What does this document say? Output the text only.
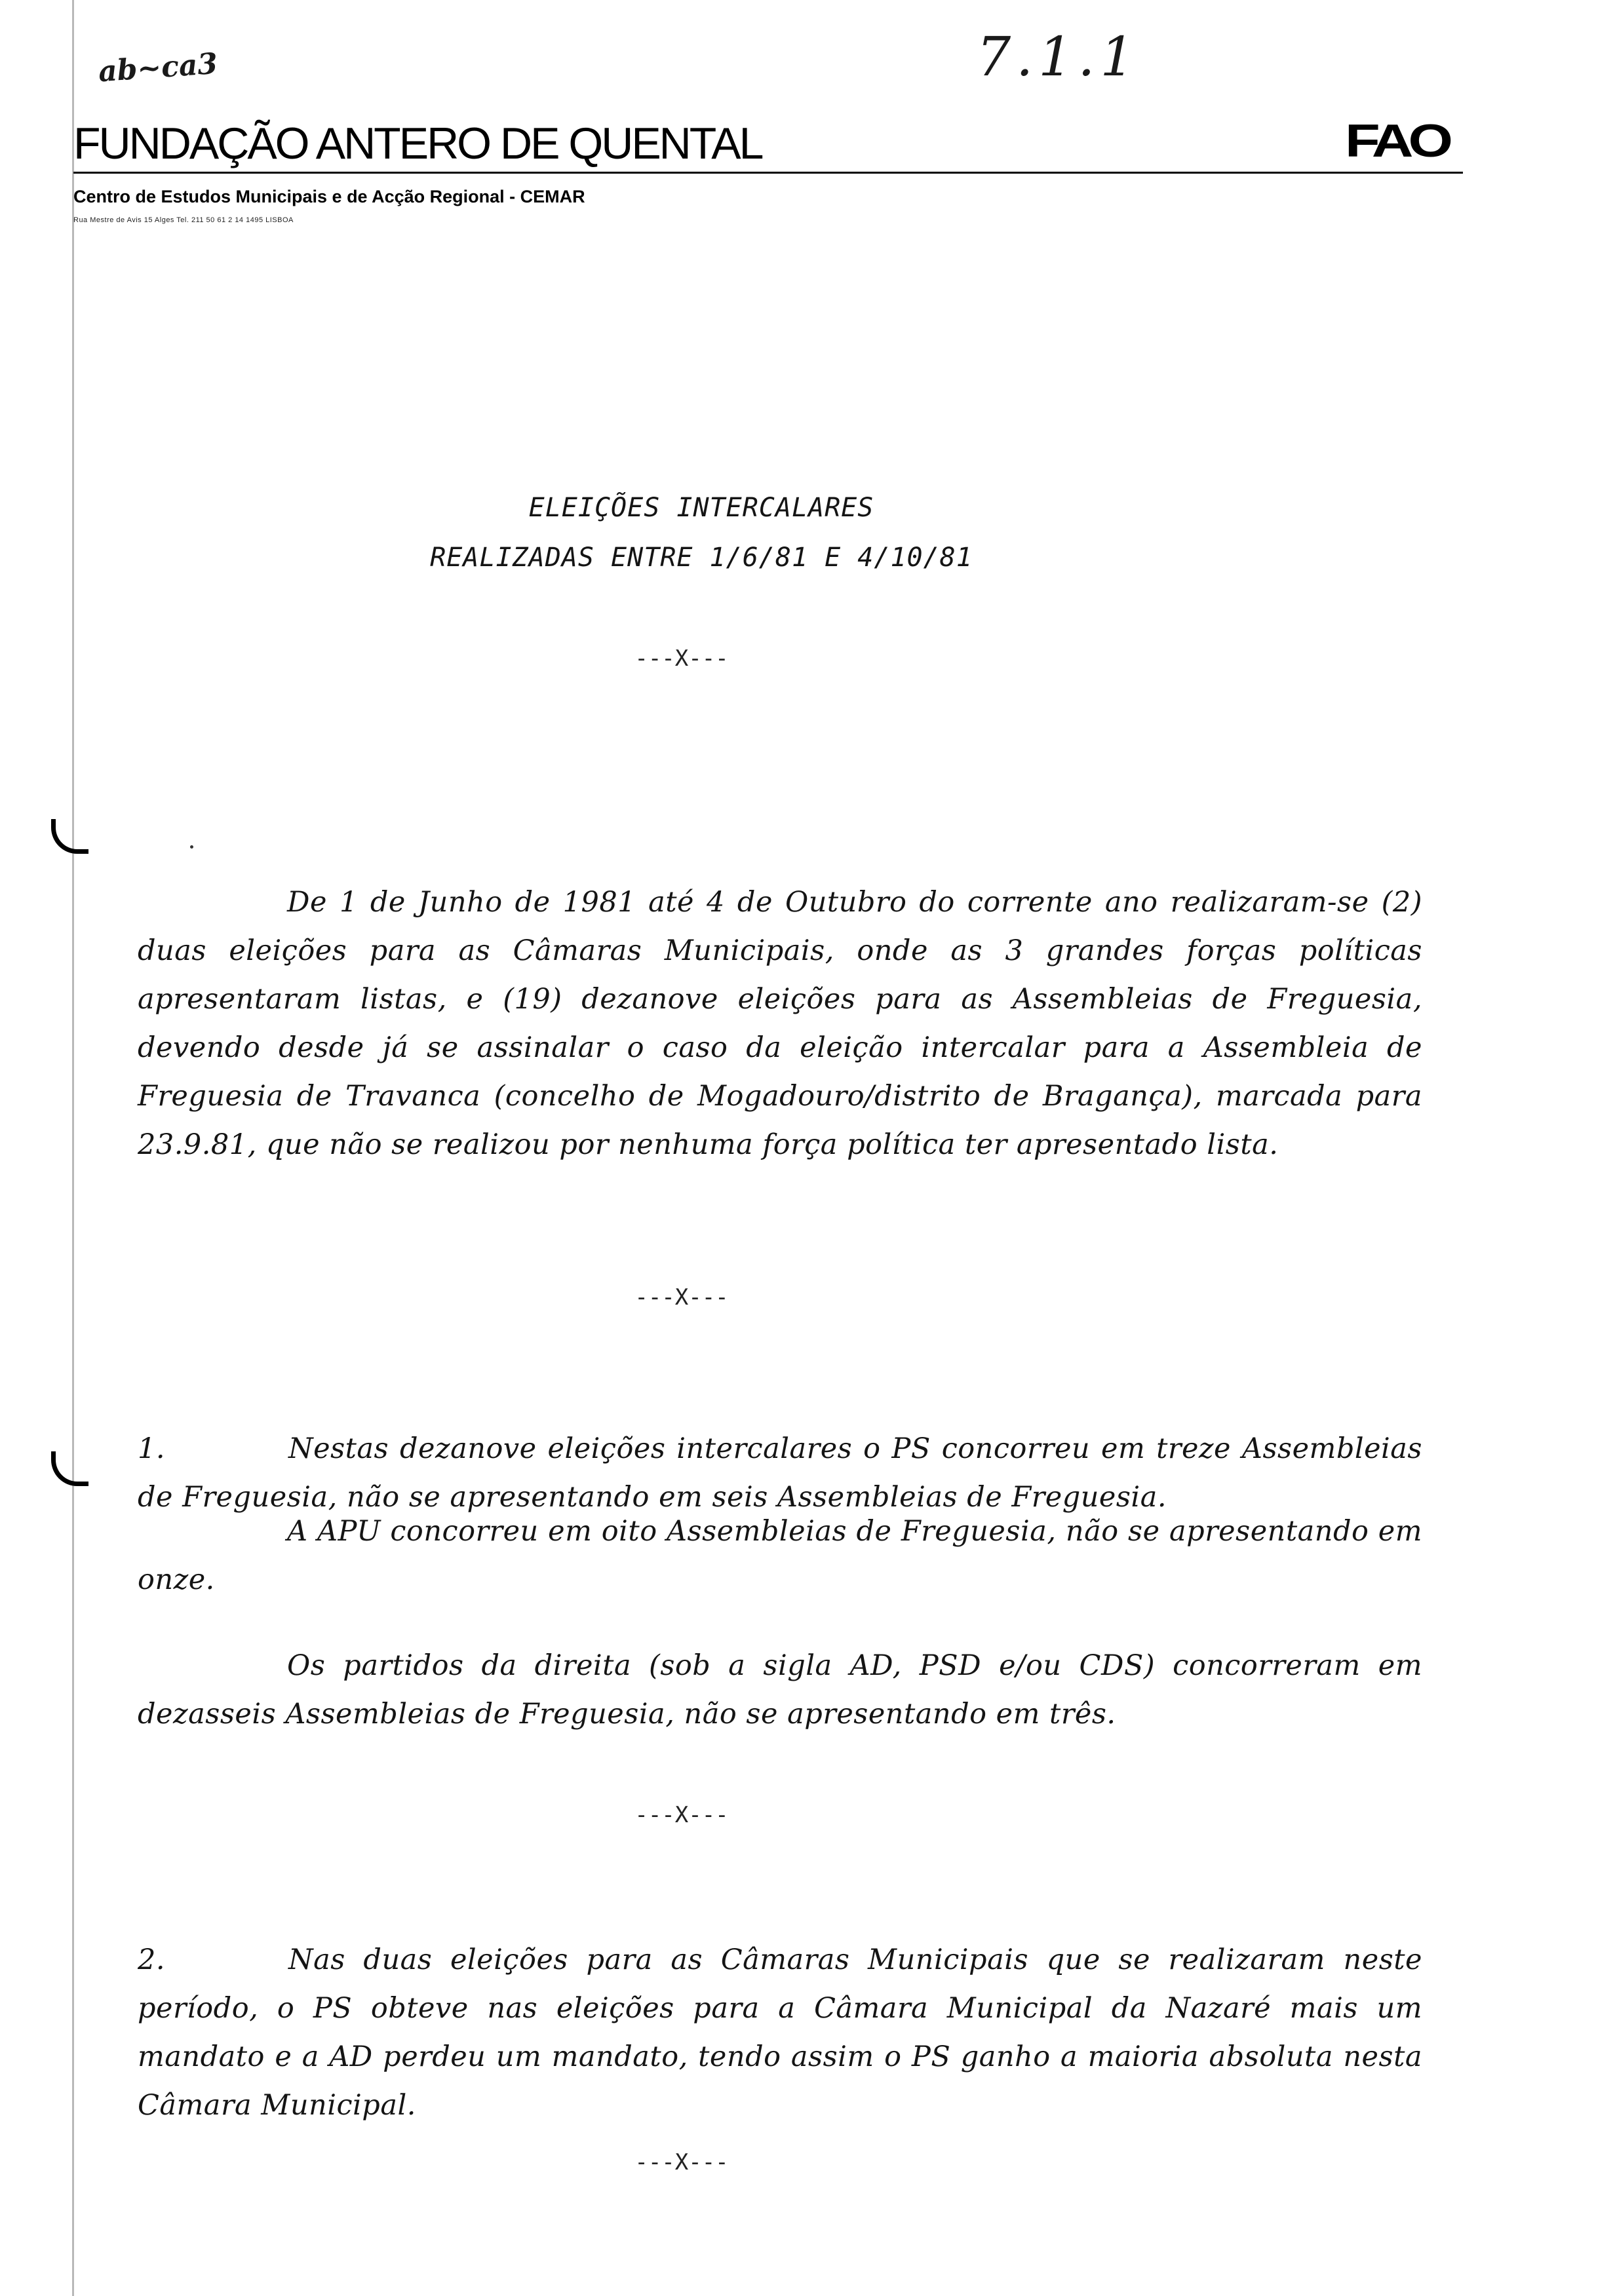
ab~ca3	7.1.1
FUNDAÇÃO ANTERO DE QUENTAL	FAO
Centro de Estudos Municipais e de Acção Regional - CEMAR
Rua Mestre de Avis 15 Alges Tel. 211 50 61 2 14 1495 LISBOA
ELEIÇÕES INTERCALARES
REALIZADAS ENTRE 1/6/81 E 4/10/81
---X---
De 1 de Junho de 1981 até 4 de Outubro do corrente ano realizaram-se (2) duas eleições para as Câmaras Municipais, onde as 3 grandes forças políticas apresentaram listas, e (19) dezanove eleições para as Assembleias de Freguesia, devendo desde já se assinalar o caso da eleição intercalar para a Assembleia de Freguesia de Travanca (concelho de Mogadouro/distrito de Bragança), marcada para 23.9.81, que não se realizou por nenhuma força política ter apresentado lista.
---X---

1.	Nestas dezanove eleições intercalares o PS concorreu em treze Assembleias de Freguesia, não se apresentando em seis Assembleias de Freguesia.

A APU concorreu em oito Assembleias de Freguesia, não se apresentando em onze.
Os partidos da direita (sob a sigla AD, PSD e/ou CDS) concorreram em dezasseis Assembleias de Freguesia, não se apresentando em três.
---X---

2.	Nas duas eleições para as Câmaras Municipais que se realizaram neste período, o PS obteve nas eleições para a Câmara Municipal da Nazaré mais um mandato e a AD perdeu um mandato, tendo assim o PS ganho a maioria absoluta nesta Câmara Municipal.

---X---
